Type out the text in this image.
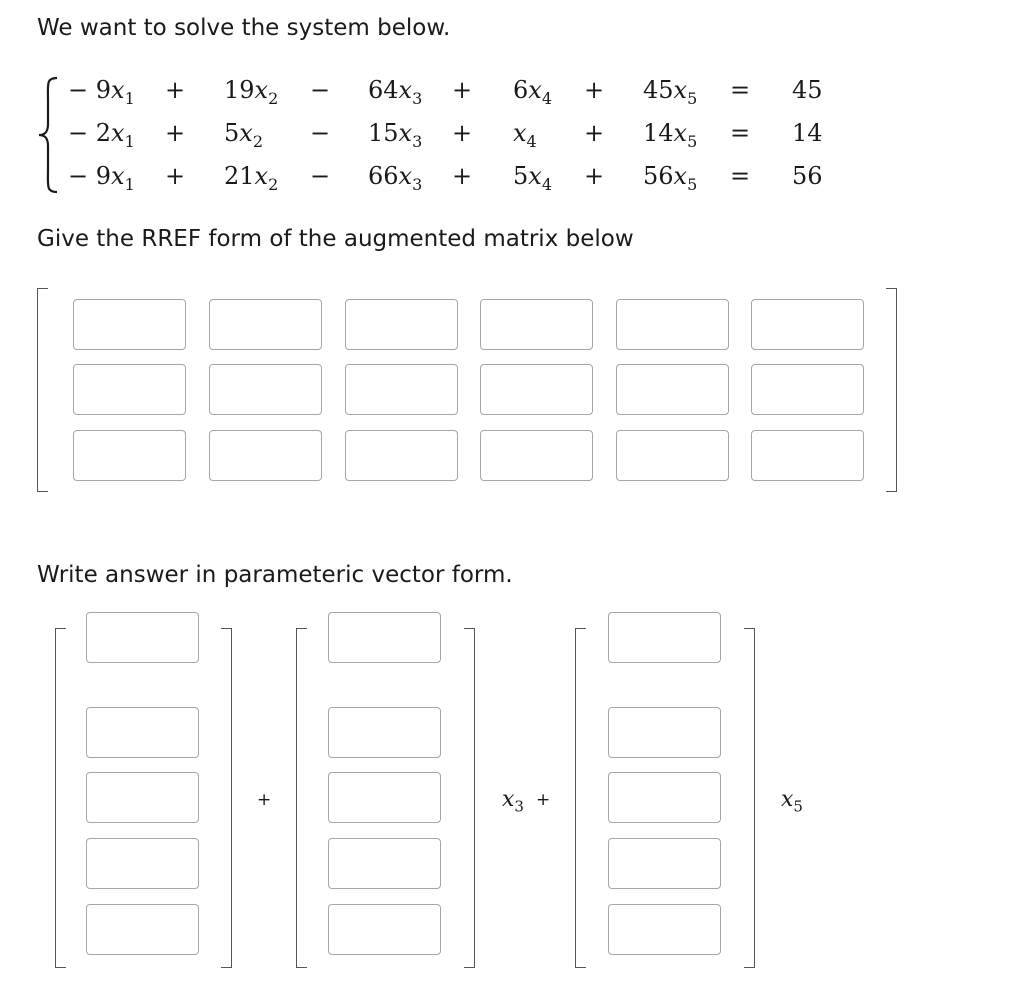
We want to solve the system below.

Give the RREF form of the augmented matrix below

Write answer in parameteric vector form.

− $9x_1 + 19x_2 - 64x_3 + 6x_4 + 45x_5 = 45$
− $2x_1 + 5x_2 - 15x_3 + x_4 + 14x_5 = 14$
− $9x_1 + 21x_2 - 66x_3 + 5x_4 + 56x_5 = 56$
+	$x_3$ +	$x_5$
